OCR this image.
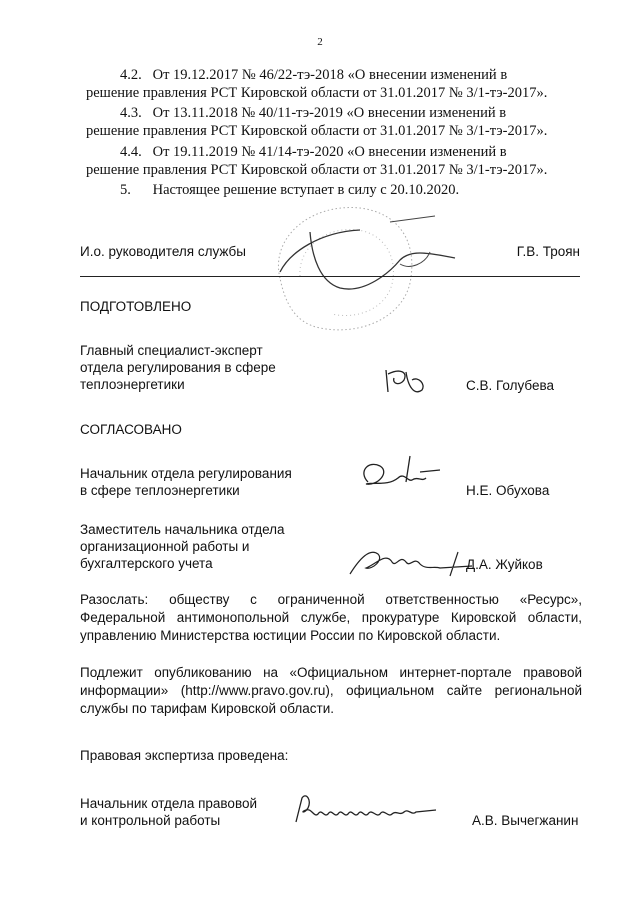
2
4.2. От 19.12.2017 № 46/22-тэ-2018 «О внесении изменений в
решение правления РСТ Кировской области от 31.01.2017 № 3/1-тэ-2017».
4.3. От 13.11.2018 № 40/11-тэ-2019 «О внесении изменений в
решение правления РСТ Кировской области от 31.01.2017 № 3/1-тэ-2017».
4.4. От 19.11.2019 № 41/14-тэ-2020 «О внесении изменений в
решение правления РСТ Кировской области от 31.01.2017 № 3/1-тэ-2017».
5. Настоящее решение вступает в силу с 20.10.2020.
И.о. руководителя службы	Г.В. Троян
ПОДГОТОВЛЕНО
Главный специалист-эксперт
отдела регулирования в сфере
теплоэнергетики	С.В. Голубева
СОГЛАСОВАНО
Начальник отдела регулирования
в сфере теплоэнергетики	Н.Е. Обухова
Заместитель начальника отдела
организационной работы и
бухгалтерского учета	Д.А. Жуйков
Разослать: обществу с ограниченной ответственностью «Ресурс», Федеральной антимонопольной службе, прокуратуре Кировской области, управлению Министерства юстиции России по Кировской области.
Подлежит опубликованию на «Официальном интернет-портале правовой информации» (http://www.pravo.gov.ru), официальном сайте региональной службы по тарифам Кировской области.
Правовая экспертиза проведена:
Начальник отдела правовой
и контрольной работы	А.В. Вычегжанин
